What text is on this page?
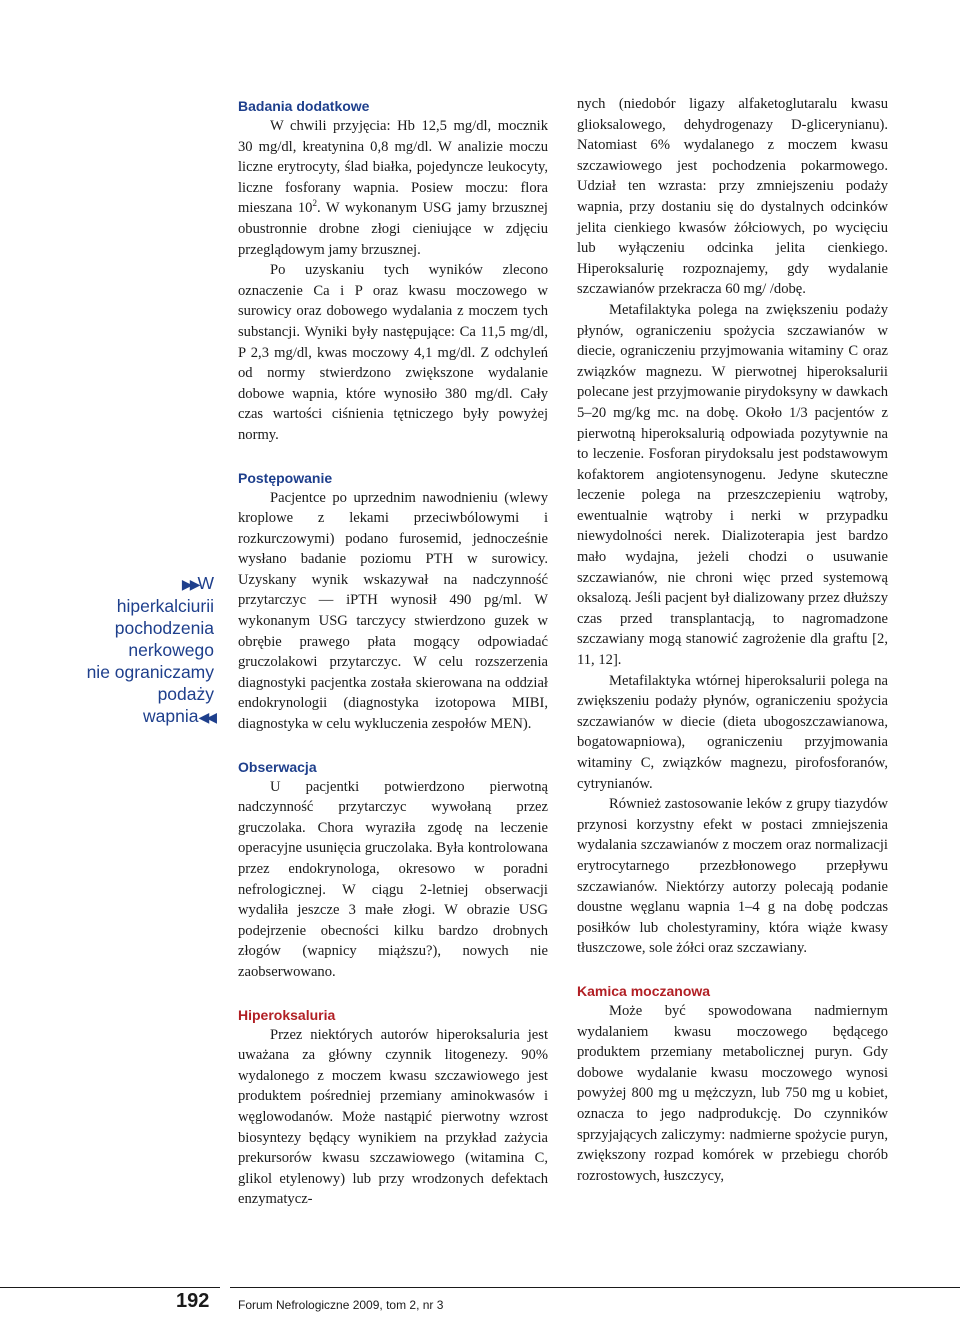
▶▶W hiperkalciurii
pochodzenia
nerkowego
nie ograniczamy
podaży wapnia◀◀
Badania dodatkowe

W chwili przyjęcia: Hb 12,5 mg/dl, mocznik 30 mg/dl, kreatynina 0,8 mg/dl. W analizie moczu liczne erytrocyty, ślad białka, pojedyncze leukocyty, liczne fosforany wapnia. Posiew moczu: flora mieszana $10^2$. W wykonanym USG jamy brzusznej obustronnie drobne złogi cieniujące w zdjęciu przeglądowym jamy brzusznej.

Po uzyskaniu tych wyników zlecono oznaczenie Ca i P oraz kwasu moczowego w surowicy oraz dobowego wydalania z moczem tych substancji. Wyniki były następujące: Ca 11,5 mg/dl, P 2,3 mg/dl, kwas moczowy 4,1 mg/dl. Z odchyleń od normy stwierdzono zwiększone wydalanie dobowe wapnia, które wynosiło 380 mg/dl. Cały czas wartości ciśnienia tętniczego były powyżej normy.

Postępowanie

Pacjentce po uprzednim nawodnieniu (wlewy kroplowe z lekami przeciwbólowymi i rozkurczowymi) podano furosemid, jednocześnie wysłano badanie poziomu PTH w surowicy. Uzyskany wynik wskazywał na nadczynność przytarczyc — iPTH wynosił 490 pg/ml. W wykonanym USG tarczycy stwierdzono guzek w obrębie prawego płata mogący odpowiadać gruczolakowi przytarczyc. W celu rozszerzenia diagnostyki pacjentka została skierowana na oddział endokrynologii (diagnostyka izotopowa MIBI, diagnostyka w celu wykluczenia zespołów MEN).

Obserwacja

U pacjentki potwierdzono pierwotną nadczynność przytarczyc wywołaną przez gruczolaka. Chora wyraziła zgodę na leczenie operacyjne usunięcia gruczolaka. Była kontrolowana przez endokrynologa, okresowo w poradni nefrologicznej. W ciągu 2-letniej obserwacji wydaliła jeszcze 3 małe złogi. W obrazie USG podejrzenie obecności kilku bardzo drobnych złogów (wapnicy miąższu?), nowych nie zaobserwowano.

Hiperoksaluria

Przez niektórych autorów hiperoksaluria jest uważana za główny czynnik litogenezy. 90% wydalonego z moczem kwasu szczawiowego jest produktem pośredniej przemiany aminokwasów i węglowodanów. Może nastąpić pierwotny wzrost biosyntezy będący wynikiem na przykład zażycia prekursorów kwasu szczawiowego (witamina C, glikol etylenowy) lub przy wrodzonych defektach enzymatycz-

nych (niedobór ligazy alfaketoglutaralu kwasu glioksalowego, dehydrogenazy D-glicerynianu). Natomiast 6% wydalanego z moczem kwasu szczawiowego jest pochodzenia pokarmowego. Udział ten wzrasta: przy zmniejszeniu podaży wapnia, przy dostaniu się do dystalnych odcinków jelita cienkiego kwasów żółciowych, po wycięciu lub wyłączeniu odcinka jelita cienkiego. Hiperoksalurię rozpoznajemy, gdy wydalanie szczawianów przekracza 60 mg/ /dobę.

Metafilaktyka polega na zwiększeniu podaży płynów, ograniczeniu spożycia szczawianów w diecie, ograniczeniu przyjmowania witaminy C oraz związków magnezu. W pierwotnej hiperoksalurii polecane jest przyjmowanie pirydoksyny w dawkach 5–20 mg/kg mc. na dobę. Około 1/3 pacjentów z pierwotną hiperoksalurią odpowiada pozytywnie na to leczenie. Fosforan pirydoksalu jest podstawowym kofaktorem angiotensynogenu. Jedyne skuteczne leczenie polega na przeszczepieniu wątroby, ewentualnie wątroby i nerki w przypadku niewydolności nerek. Dializoterapia jest bardzo mało wydajna, jeżeli chodzi o usuwanie szczawianów, nie chroni więc przed systemową oksalozą. Jeśli pacjent był dializowany przez dłuższy czas przed transplantacją, to nagromadzone szczawiany mogą stanowić zagrożenie dla graftu [2, 11, 12].

Metafilaktyka wtórnej hiperoksalurii polega na zwiększeniu podaży płynów, ograniczeniu spożycia szczawianów w diecie (dieta ubogoszczawianowa, bogatowapniowa), ograniczeniu przyjmowania witaminy C, związków magnezu, pirofosforanów, cytrynianów.

Również zastosowanie leków z grupy tiazydów przynosi korzystny efekt w postaci zmniejszenia wydalania szczawianów z moczem oraz normalizacji erytrocytarnego przezbłonowego przepływu szczawianów. Niektórzy autorzy polecają podanie doustne węglanu wapnia 1–4 g na dobę podczas posiłków lub cholestyraminy, która wiąże kwasy tłuszczowe, sole żółci oraz szczawiany.

Kamica moczanowa

Może być spowodowana nadmiernym wydalaniem kwasu moczowego będącego produktem przemiany metabolicznej puryn. Gdy dobowe wydalanie kwasu moczowego wynosi powyżej 800 mg u mężczyzn, lub 750 mg u kobiet, oznacza to jego nadprodukcję. Do czynników sprzyjających zaliczymy: nadmierne spożycie puryn, zwiększony rozpad komórek w przebiegu chorób rozrostowych, łuszczycy,

192 Forum Nefrologiczne 2009, tom 2, nr 3
